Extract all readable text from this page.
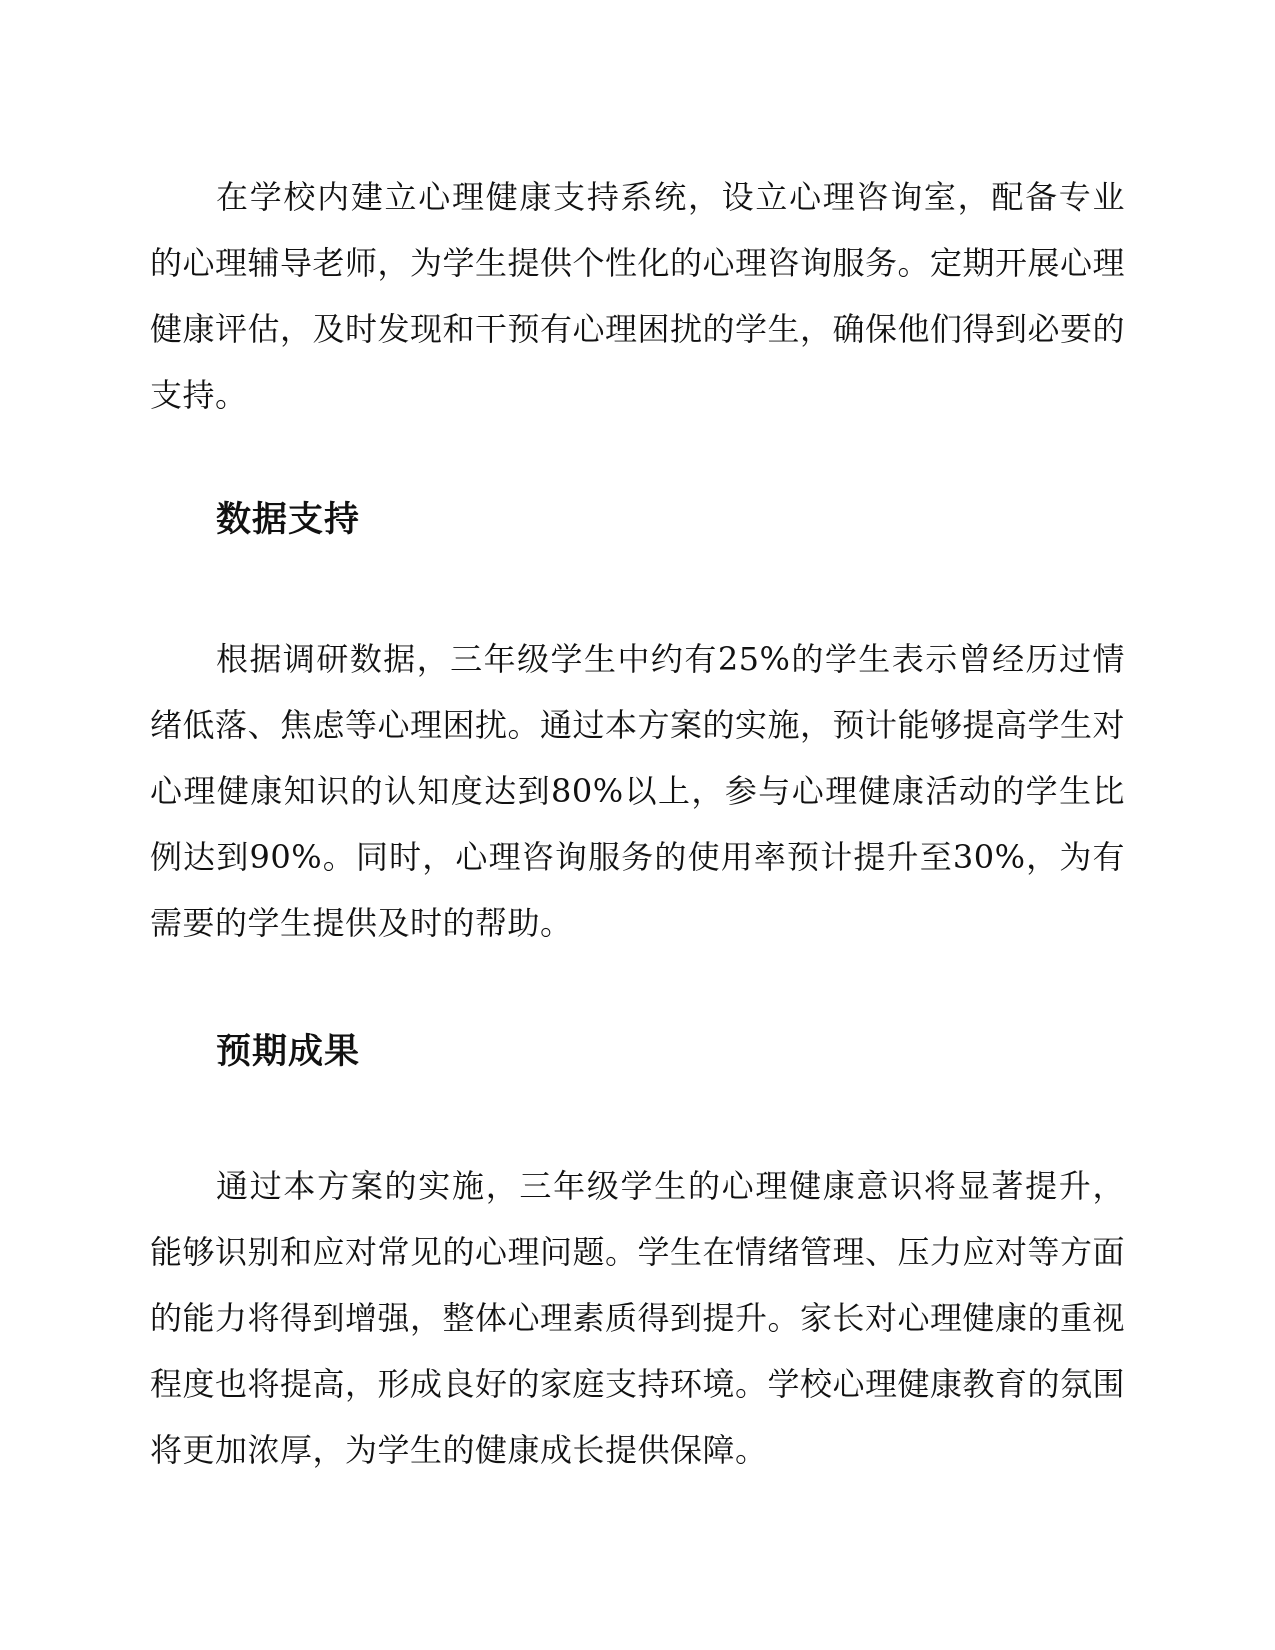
在学校内建立心理健康支持系统，设立心理咨询室，配备专业的心理辅导老师，为学生提供个性化的心理咨询服务。定期开展心理健康评估，及时发现和干预有心理困扰的学生，确保他们得到必要的支持。

数据支持

根据调研数据，三年级学生中约有25%的学生表示曾经历过情绪低落、焦虑等心理困扰。通过本方案的实施，预计能够提高学生对心理健康知识的认知度达到80%以上，参与心理健康活动的学生比例达到90%。同时，心理咨询服务的使用率预计提升至30%，为有需要的学生提供及时的帮助。

预期成果

通过本方案的实施，三年级学生的心理健康意识将显著提升，能够识别和应对常见的心理问题。学生在情绪管理、压力应对等方面的能力将得到增强，整体心理素质得到提升。家长对心理健康的重视程度也将提高，形成良好的家庭支持环境。学校心理健康教育的氛围将更加浓厚，为学生的健康成长提供保障。
